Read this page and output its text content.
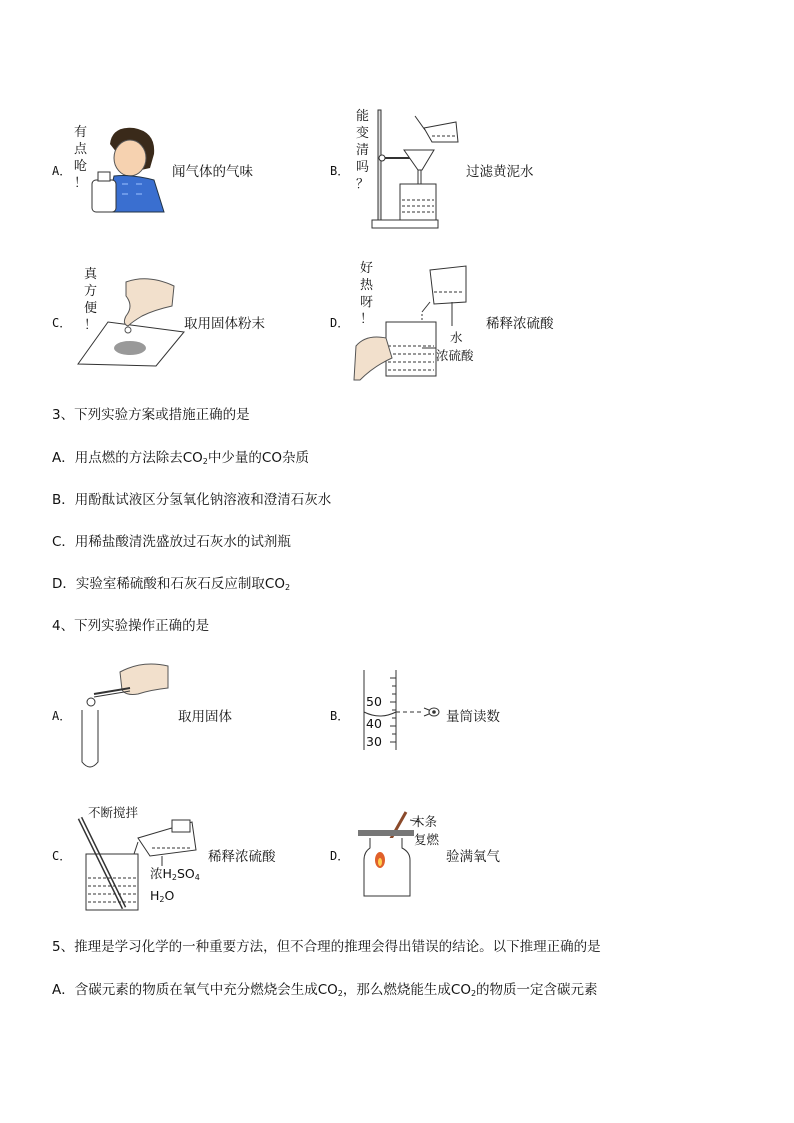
A．
有
点
呛
！
闻气体的气味	B．
能
变
清
吗
？
过滤黄泥水
C．
真
方
便
！	取用固体粉末	D．
好
热
呀
！
水
浓硫酸
稀释浓硫酸
3、下列实验方案或措施正确的是
A．用点燃的方法除去$CO_2$中少量的CO杂质
B．用酚酞试液区分氢氧化钠溶液和澄清石灰水
C．用稀盐酸清洗盛放过石灰水的试剂瓶
D．实验室稀硫酸和石灰石反应制取$CO_2$
4、下列实验操作正确的是
A．	取用固体	B．
50
40
30
量筒读数
C．
不断搅拌
浓$H_2SO_4$
$H_2O$
稀释浓硫酸	D．
木条
复燃
验满氧气
5、推理是学习化学的一种重要方法，但不合理的推理会得出错误的结论。以下推理正确的是
A．含碳元素的物质在氧气中充分燃烧会生成$CO_2$，那么燃烧能生成$CO_2$的物质一定含碳元素
